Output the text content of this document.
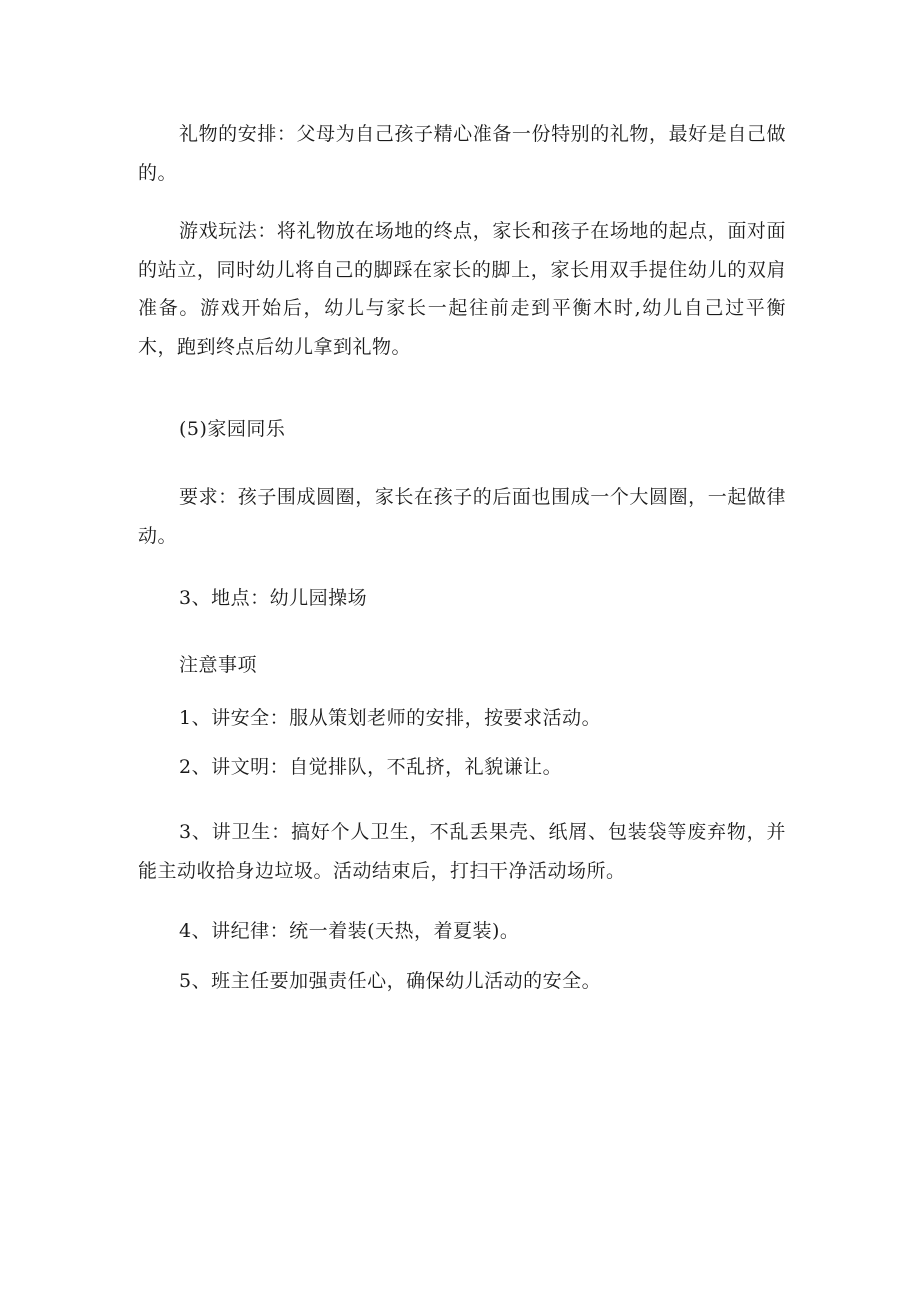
礼物的安排：父母为自己孩子精心准备一份特别的礼物，最好是自己做的。

游戏玩法：将礼物放在场地的终点，家长和孩子在场地的起点，面对面的站立，同时幼儿将自己的脚踩在家长的脚上，家长用双手提住幼儿的双肩准备。游戏开始后，幼儿与家长一起往前走到平衡木时,幼儿自己过平衡木，跑到终点后幼儿拿到礼物。

(5)家园同乐

要求：孩子围成圆圈，家长在孩子的后面也围成一个大圆圈，一起做律动。

3、地点：幼儿园操场

注意事项

1、讲安全：服从策划老师的安排，按要求活动。

2、讲文明：自觉排队，不乱挤，礼貌谦让。

3、讲卫生：搞好个人卫生，不乱丢果壳、纸屑、包装袋等废弃物，并能主动收拾身边垃圾。活动结束后，打扫干净活动场所。

4、讲纪律：统一着装(天热，着夏装)。

5、班主任要加强责任心，确保幼儿活动的安全。
